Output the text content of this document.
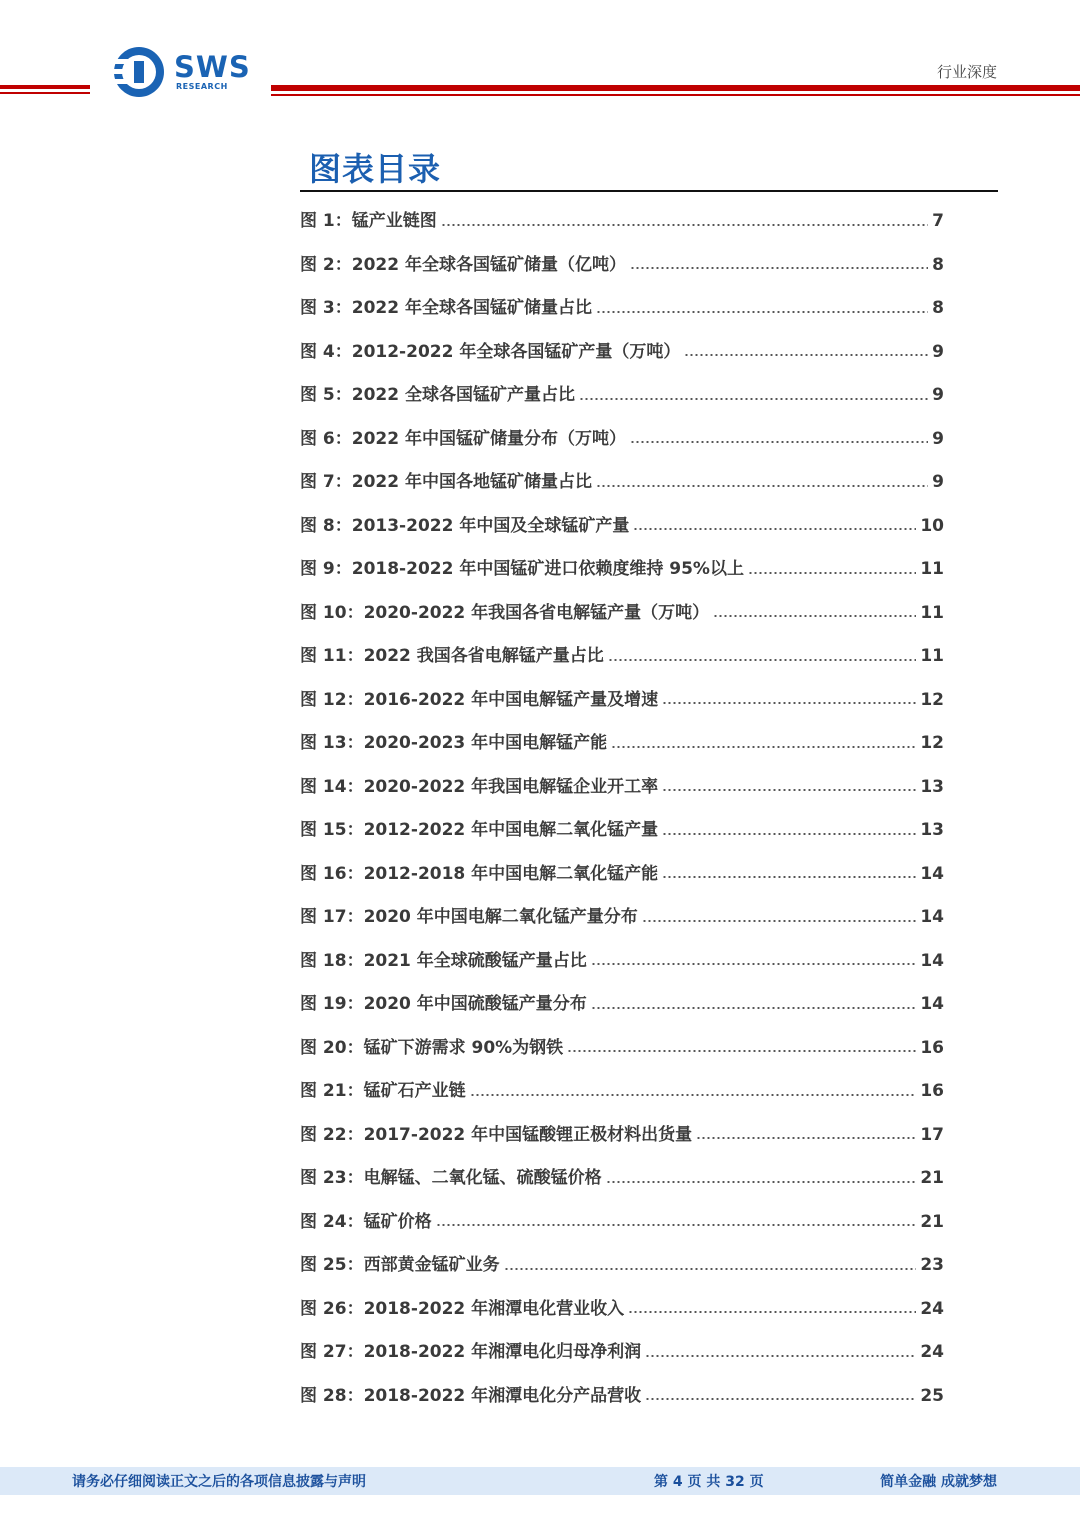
SWS
RESEARCH
行业深度
图表目录
图 1：锰产业链图	7
图 2：2022 年全球各国锰矿储量（亿吨）	8
图 3：2022 年全球各国锰矿储量占比	8
图 4：2012-2022 年全球各国锰矿产量（万吨）	9
图 5：2022 全球各国锰矿产量占比	9
图 6：2022 年中国锰矿储量分布（万吨）	9
图 7：2022 年中国各地锰矿储量占比	9
图 8：2013-2022 年中国及全球锰矿产量	10
图 9：2018-2022 年中国锰矿进口依赖度维持 95%以上	11
图 10：2020-2022 年我国各省电解锰产量（万吨）	11
图 11：2022 我国各省电解锰产量占比	11
图 12：2016-2022 年中国电解锰产量及增速	12
图 13：2020-2023 年中国电解锰产能	12
图 14：2020-2022 年我国电解锰企业开工率	13
图 15：2012-2022 年中国电解二氧化锰产量	13
图 16：2012-2018 年中国电解二氧化锰产能	14
图 17：2020 年中国电解二氧化锰产量分布	14
图 18：2021 年全球硫酸锰产量占比	14
图 19：2020 年中国硫酸锰产量分布	14
图 20：锰矿下游需求 90%为钢铁	16
图 21：锰矿石产业链	16
图 22：2017-2022 年中国锰酸锂正极材料出货量	17
图 23：电解锰、二氧化锰、硫酸锰价格	21
图 24：锰矿价格	21
图 25：西部黄金锰矿业务	23
图 26：2018-2022 年湘潭电化营业收入	24
图 27：2018-2022 年湘潭电化归母净利润	24
图 28：2018-2022 年湘潭电化分产品营收	25
请务必仔细阅读正文之后的各项信息披露与声明	第 4 页 共 32 页	简单金融 成就梦想
